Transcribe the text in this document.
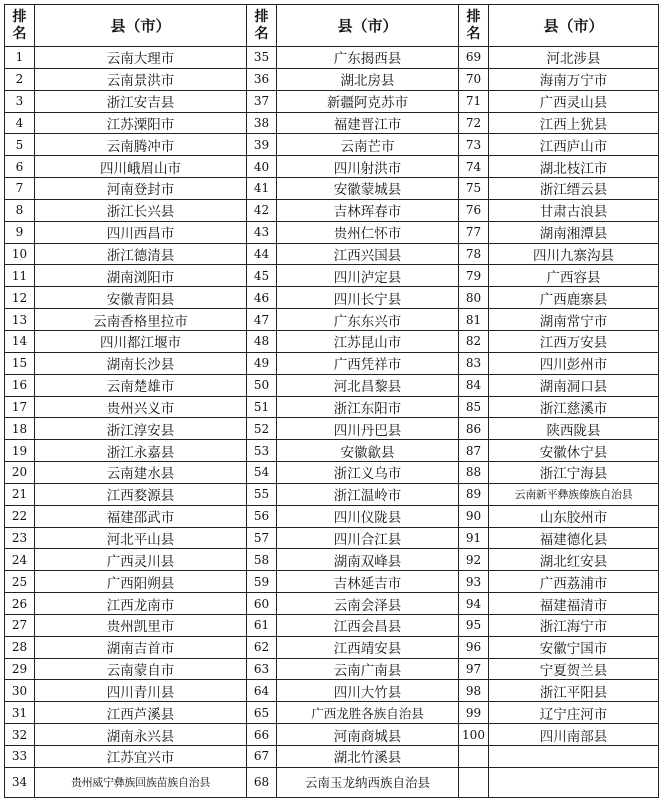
排
名	县（市）	排
名	县（市）	排
名	县（市）
1	云南大理市	35	广东揭西县	69	河北涉县
2	云南景洪市	36	湖北房县	70	海南万宁市
3	浙江安吉县	37	新疆阿克苏市	71	广西灵山县
4	江苏溧阳市	38	福建晋江市	72	江西上犹县
5	云南腾冲市	39	云南芒市	73	江西庐山市
6	四川峨眉山市	40	四川射洪市	74	湖北枝江市
7	河南登封市	41	安徽蒙城县	75	浙江缙云县
8	浙江长兴县	42	吉林珲春市	76	甘肃古浪县
9	四川西昌市	43	贵州仁怀市	77	湖南湘潭县
10	浙江德清县	44	江西兴国县	78	四川九寨沟县
11	湖南浏阳市	45	四川泸定县	79	广西容县
12	安徽青阳县	46	四川长宁县	80	广西鹿寨县
13	云南香格里拉市	47	广东东兴市	81	湖南常宁市
14	四川都江堰市	48	江苏昆山市	82	江西万安县
15	湖南长沙县	49	广西凭祥市	83	四川彭州市
16	云南楚雄市	50	河北昌黎县	84	湖南洞口县
17	贵州兴义市	51	浙江东阳市	85	浙江慈溪市
18	浙江淳安县	52	四川丹巴县	86	陕西陇县
19	浙江永嘉县	53	安徽歙县	87	安徽休宁县
20	云南建水县	54	浙江义乌市	88	浙江宁海县
21	江西婺源县	55	浙江温岭市	89	云南新平彝族傣族自治县
22	福建邵武市	56	四川仪陇县	90	山东胶州市
23	河北平山县	57	四川合江县	91	福建德化县
24	广西灵川县	58	湖南双峰县	92	湖北红安县
25	广西阳朔县	59	吉林延吉市	93	广西荔浦市
26	江西龙南市	60	云南会泽县	94	福建福清市
27	贵州凯里市	61	江西会昌县	95	浙江海宁市
28	湖南吉首市	62	江西靖安县	96	安徽宁国市
29	云南蒙自市	63	云南广南县	97	宁夏贺兰县
30	四川青川县	64	四川大竹县	98	浙江平阳县
31	江西芦溪县	65	广西龙胜各族自治县	99	辽宁庄河市
32	湖南永兴县	66	河南商城县	100	四川南部县
33	江苏宜兴市	67	湖北竹溪县		
34	贵州威宁彝族回族苗族自治县	68	云南玉龙纳西族自治县		
